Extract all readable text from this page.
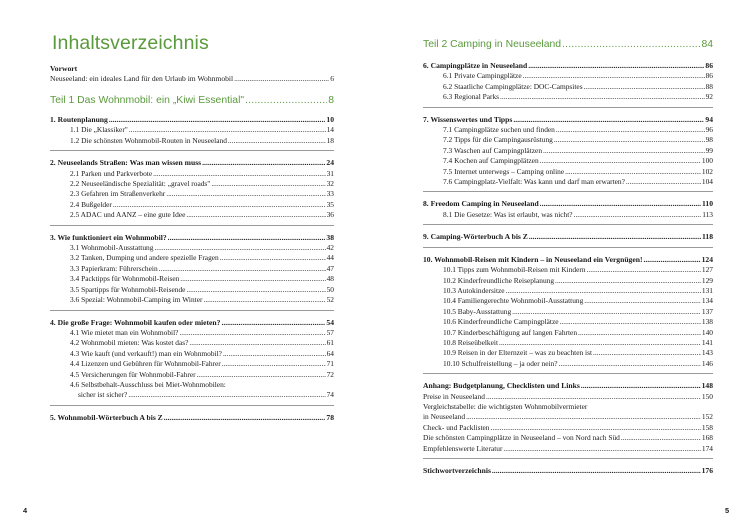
Inhaltsverzeichnis
Vorwort
Neuseeland: ein ideales Land für den Urlaub im Wohnmobil .....	6
Teil 1 Das Wohnmobil: ein „Kiwi Essential" .....	8
1. Routenplanung .....	10
1.1 Die „Klassiker" .....	14
1.2 Die schönsten Wohnmobil-Routen in Neuseeland .....	18
2. Neuseelands Straßen: Was man wissen muss .....	24
2.1 Parken und Parkverbote .....	31
2.2 Neuseeländische Spezialität: „gravel roads" .....	32
2.3 Gefahren im Straßenverkehr .....	33
2.4 Bußgelder .....	35
2.5 ADAC und AANZ – eine gute Idee .....	36
3. Wie funktioniert ein Wohnmobil? .....	38
3.1 Wohnmobil-Ausstattung .....	42
3.2 Tanken, Dumping und andere spezielle Fragen .....	44
3.3 Papierkram: Führerschein .....	47
3.4 Packtipps für Wohnmobil-Reisen .....	48
3.5 Spartipps für Wohnmobil-Reisende .....	50
3.6 Spezial: Wohnmobil-Camping im Winter .....	52
4. Die große Frage: Wohnmobil kaufen oder mieten? .....	54
4.1 Wie mietet man ein Wohnmobil? .....	57
4.2 Wohnmobil mieten: Was kostet das? .....	61
4.3 Wie kauft (und verkauft!) man ein Wohnmobil? .....	64
4.4 Lizenzen und Gebühren für Wohnmobil-Fahrer .....	71
4.5 Versicherungen für Wohnmobil-Fahrer .....	72
4.6 Selbstbehalt-Ausschluss bei Miet-Wohnmobilen:
sicher ist sicher? .....	74
5. Wohnmobil-Wörterbuch A bis Z .....	78
4
Teil 2 Camping in Neuseeland .....	84
6. Campingplätze in Neuseeland .....	86
6.1 Private Campingplätze .....	86
6.2 Staatliche Campingplätze: DOC-Campsites .....	88
6.3 Regional Parks .....	92
7. Wissenswertes und Tipps .....	94
7.1 Campingplätze suchen und finden .....	96
7.2 Tipps für die Campingausrüstung .....	98
7.3 Waschen auf Campingplätzen .....	99
7.4 Kochen auf Campingplätzen .....	100
7.5 Internet unterwegs – Camping online .....	102
7.6 Campingplatz-Vielfalt: Was kann und darf man erwarten? .....	104
8. Freedom Camping in Neuseeland .....	110
8.1 Die Gesetze: Was ist erlaubt, was nicht? .....	113
9. Camping-Wörterbuch A bis Z .....	118
10. Wohnmobil-Reisen mit Kindern – in Neuseeland ein Vergnügen! .....	124
10.1 Tipps zum Wohnmobil-Reisen mit Kindern .....	127
10.2 Kinderfreundliche Reiseplanung .....	129
10.3 Autokindersitze .....	131
10.4 Familiengerechte Wohnmobil-Ausstattung .....	134
10.5 Baby-Ausstattung .....	137
10.6 Kinderfreundliche Campingplätze .....	138
10.7 Kinderbeschäftigung auf langen Fahrten .....	140
10.8 Reiseübelkeit .....	141
10.9 Reisen in der Elternzeit – was zu beachten ist .....	143
10.10 Schulfreistellung – ja oder nein? .....	146
Anhang: Budgetplanung, Checklisten und Links .....	148
Preise in Neuseeland .....	150
Vergleichstabelle: die wichtigsten Wohnmobilvermieter
in Neuseeland .....	152
Check- und Packlisten .....	158
Die schönsten Campingplätze in Neuseeland – von Nord nach Süd .....	168
Empfehlenswerte Literatur .....	174
Stichwortverzeichnis .....	176
5
